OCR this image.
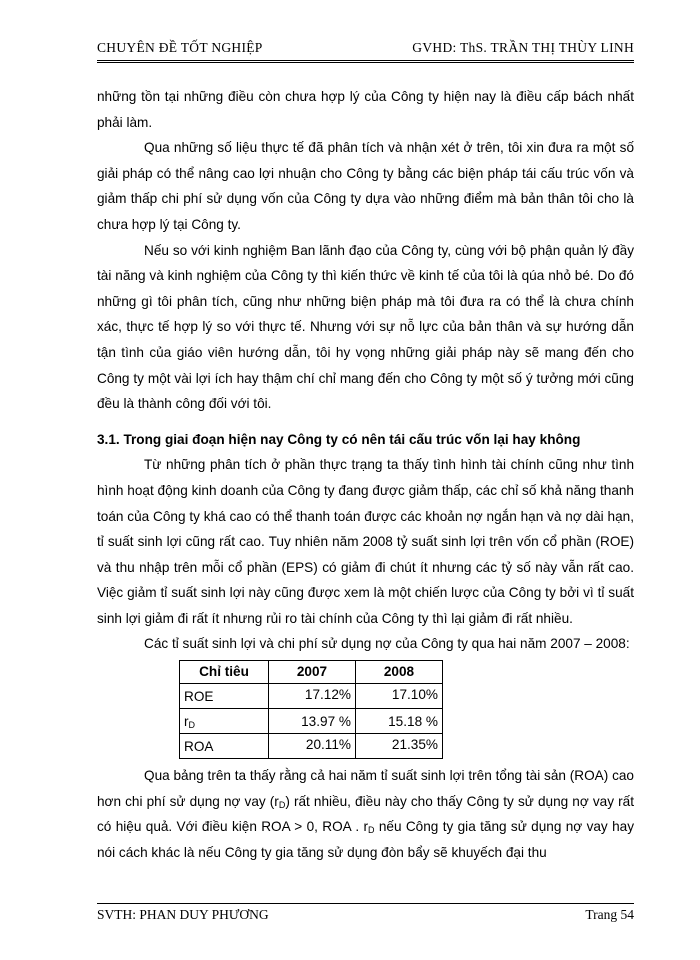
CHUYÊN ĐỀ TỐT NGHIỆP	GVHD: ThS. TRẦN THỊ THÙY LINH

những tồn tại những điều còn chưa hợp lý của Công ty hiện nay là điều cấp bách nhất phải làm.

Qua những số liệu thực tế đã phân tích và nhận xét ở trên, tôi xin đưa ra một số giải pháp có thể nâng cao lợi nhuận cho Công ty bằng các biện pháp tái cấu trúc vốn và giảm thấp chi phí sử dụng vốn của Công ty dựa vào những điểm mà bản thân tôi cho là chưa hợp lý tại Công ty.

Nếu so với kinh nghiệm Ban lãnh đạo của Công ty, cùng với bộ phận quản lý đầy tài năng và kinh nghiệm của Công ty thì kiến thức về kinh tế của tôi là qúa nhỏ bé. Do đó những gì tôi phân tích, cũng như những biện pháp mà tôi đưa ra có thể là chưa chính xác, thực tế hợp lý so với thực tế. Nhưng với sự nỗ lực của bản thân và sự hướng dẫn tận tình của giáo viên hướng dẫn, tôi hy vọng những giải pháp này sẽ mang đến cho Công ty một vài lợi ích hay thậm chí chỉ mang đến cho Công ty một số ý tưởng mới cũng đều là thành công đối với tôi.

3.1. Trong giai đoạn hiện nay Công ty có nên tái cấu trúc vốn lại hay không

Từ những phân tích ở phần thực trạng ta thấy tình hình tài chính cũng như tình hình hoạt động kinh doanh của Công ty đang được giảm thấp, các chỉ số khả năng thanh toán của Công ty khá cao có thể thanh toán được các khoản nợ ngắn hạn và nợ dài hạn, tỉ suất sinh lợi cũng rất cao. Tuy nhiên năm 2008 tỷ suất sinh lợi trên vốn cổ phần (ROE) và thu nhập trên mỗi cổ phần (EPS) có giảm đi chút ít nhưng các tỷ số này vẫn rất cao. Việc giảm tỉ suất sinh lợi này cũng được xem là một chiến lược của Công ty bởi vì tỉ suất sinh lợi giảm đi rất ít nhưng rủi ro tài chính của Công ty thì lại giảm đi rất nhiều.

Các tỉ suất sinh lợi và chi phí sử dụng nợ của Công ty qua hai năm 2007 – 2008:

Chỉ tiêu	2007	2008
ROE	17.12%	17.10%
$r_D$	13.97 %	15.18 %
ROA	20.11%	21.35%

Qua bảng trên ta thấy rằng cả hai năm tỉ suất sinh lợi trên tổng tài sản (ROA) cao hơn chi phí sử dụng nợ vay $(r_D)$ rất nhiều, điều này cho thấy Công ty sử dụng nợ vay rất có hiệu quả. Với điều kiện ROA > 0, ROA . $r_D$ nếu Công ty gia tăng sử dụng nợ vay hay nói cách khác là nếu Công ty gia tăng sử dụng đòn bẩy sẽ khuyếch đại thu

SVTH: PHAN DUY PHƯƠNG	Trang 54
